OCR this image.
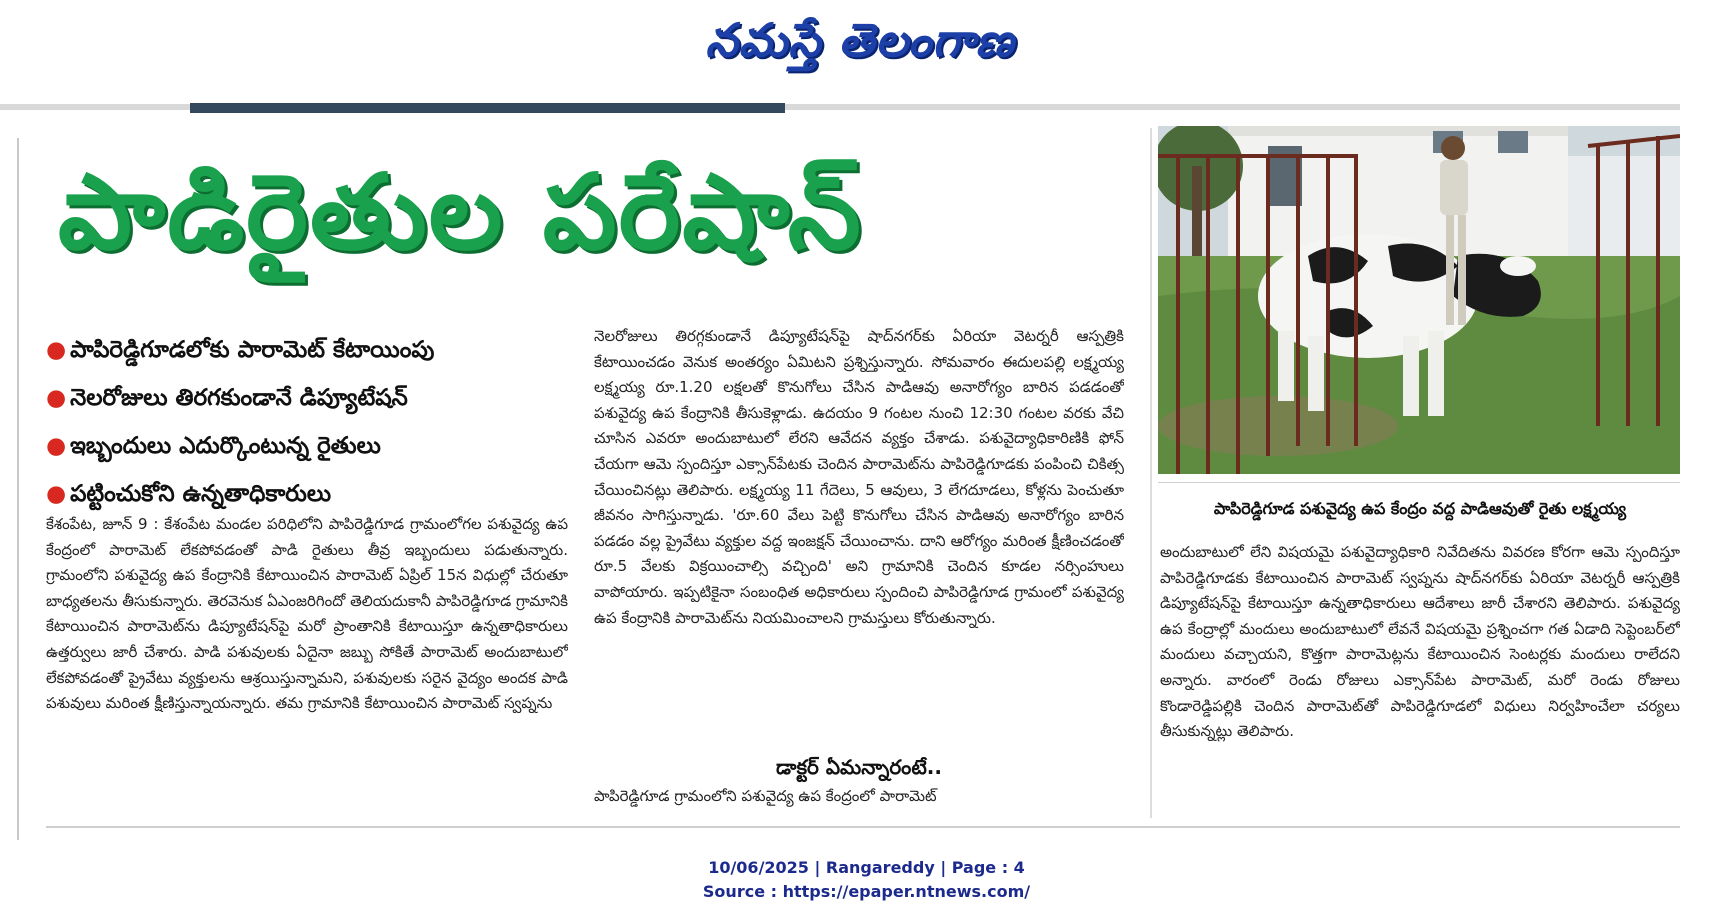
నమస్తే తెలంగాణ
పాడిరైతుల పరేషాన్
● పాపిరెడ్డిగూడలోకు పారామెట్ కేటాయింపు
● నెలరోజులు తిరగకుండానే డిప్యూటేషన్
● ఇబ్బందులు ఎదుర్కొంటున్న రైతులు
● పట్టించుకోని ఉన్నతాధికారులు

కేశంపేట, జూన్ 9 : కేశంపేట మండల పరిధిలోని పాపిరెడ్డిగూడ గ్రామంలోగల పశువైద్య ఉప కేంద్రంలో పారామెట్ లేకపోవడంతో పాడి రైతులు తీవ్ర ఇబ్బందులు పడుతున్నారు. గ్రామంలోని పశువైద్య ఉప కేంద్రానికి కేటాయించిన పారామెట్ ఏప్రిల్ 15న విధుల్లో చేరుతూ బాధ్యతలను తీసుకున్నారు. తెరవెనుక ఏఎంజరిగిందో తెలియదుకానీ పాపిరెడ్డిగూడ గ్రామానికి కేటాయించిన పారామెట్‌ను డిప్యూటేషన్‌పై మరో ప్రాంతానికి కేటాయిస్తూ ఉన్నతాధికారులు ఉత్తర్వులు జారీ చేశారు. పాడి పశువులకు ఏదైనా జబ్బు సోకితే పారామెట్ అందుబాటులో లేకపోవడంతో ప్రైవేటు వ్యక్తులను ఆశ్రయిస్తున్నామని, పశువులకు సరైన వైద్యం అందక పాడి పశువులు మరింత క్షీణిస్తున్నాయన్నారు. తమ గ్రామానికి కేటాయించిన పారామెట్ స్వప్నను

నెలరోజులు తిరగ్గకుండానే డిప్యూటేషన్‌పై షాద్‌నగర్‌కు ఏరియా వెటర్నరీ ఆస్పత్రికి కేటాయించడం వెనుక అంతర్యం ఏమిటని ప్రశ్నిస్తున్నారు. సోమవారం ఈదులపల్లి లక్ష్మయ్య లక్ష్మయ్య రూ.1.20 లక్షలతో కొనుగోలు చేసిన పాడిఆవు అనారోగ్యం బారిన పడడంతో పశువైద్య ఉప కేంద్రానికి తీసుకెళ్లాడు. ఉదయం 9 గంటల నుంచి 12:30 గంటల వరకు వేచి చూసిన ఎవరూ అందుబాటులో లేరని ఆవేదన వ్యక్తం చేశాడు. పశువైద్యాధికారిణికి ఫోన్ చేయగా ఆమె స్పందిస్తూ ఎక్సాన్‌పేటకు చెందిన పారామెట్‌ను పాపిరెడ్డిగూడకు పంపించి చికిత్స చేయించినట్లు తెలిపారు. లక్ష్మయ్య 11 గేదెలు, 5 ఆవులు, 3 లేగదూడలు, కోళ్లను పెంచుతూ జీవనం సాగిస్తున్నాడు. 'రూ.60 వేలు పెట్టి కొనుగోలు చేసిన పాడిఆవు అనారోగ్యం బారిన పడడం వల్ల ప్రైవేటు వ్యక్తుల వద్ద ఇంజక్షన్ చేయించాను. దాని ఆరోగ్యం మరింత క్షీణించడంతో రూ.5 వేలకు విక్రయించాల్సి వచ్చింది' అని గ్రామానికి చెందిన కూడల నర్సింహులు వాపోయారు. ఇప్పటికైనా సంబంధిత అధికారులు స్పందించి పాపిరెడ్డిగూడ గ్రామంలో పశువైద్య ఉప కేంద్రానికి పారామెట్‌ను నియమించాలని గ్రామస్తులు కోరుతున్నారు.

డాక్టర్ ఏమన్నారంటే..

పాపిరెడ్డిగూడ గ్రామంలోని పశువైద్య ఉప కేంద్రంలో పారామెట్

పాపిరెడ్డిగూడ పశువైద్య ఉప కేంద్రం వద్ద పాడిఆవుతో రైతు లక్ష్మయ్య

అందుబాటులో లేని విషయమై పశువైద్యాధికారి నివేదితను వివరణ కోరగా ఆమె స్పందిస్తూ పాపిరెడ్డిగూడకు కేటాయించిన పారామెట్ స్వప్నను షాద్‌నగర్‌కు ఏరియా వెటర్నరీ ఆస్పత్రికి డిప్యూటేషన్‌పై కేటాయిస్తూ ఉన్నతాధికారులు ఆదేశాలు జారీ చేశారని తెలిపారు. పశువైద్య ఉప కేంద్రాల్లో మందులు అందుబాటులో లేవనే విషయమై ప్రశ్నించగా గత ఏడాది సెప్టెంబర్‌లో మందులు వచ్చాయని, కొత్తగా పారామెట్లను కేటాయించిన సెంటర్లకు మందులు రాలేదని అన్నారు. వారంలో రెండు రోజులు ఎక్సాన్‌పేట పారామెట్, మరో రెండు రోజులు కొండారెడ్డిపల్లికి చెందిన పారామెట్‌తో పాపిరెడ్డిగూడలో విధులు నిర్వహించేలా చర్యలు తీసుకున్నట్లు తెలిపారు.

10/06/2025 | Rangareddy | Page : 4
Source : https://epaper.ntnews.com/
